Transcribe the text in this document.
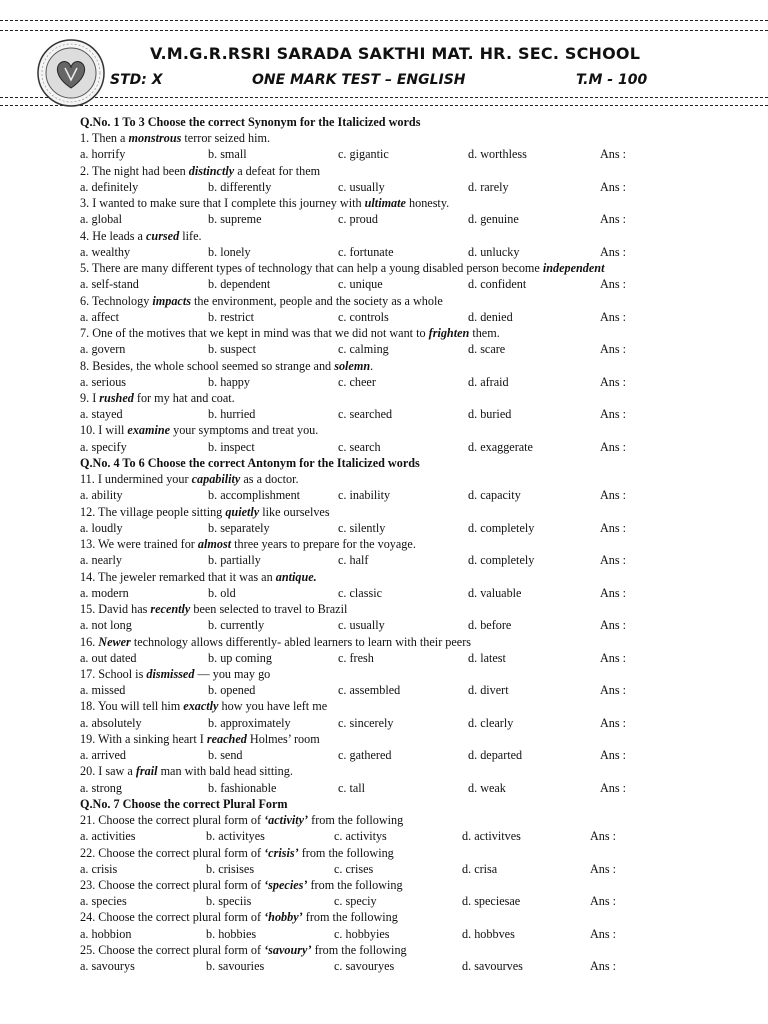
V.M.G.R.RSRI SARADA SAKTHI MAT. HR. SEC. SCHOOL
STD: X	ONE MARK TEST – ENGLISH	T.M - 100
Q.No. 1 To 3 Choose the correct Synonym for the Italicized words
1. Then a monstrous terror seized him.
a. horrify	b. small	c. gigantic	d. worthless	Ans :
2. The night had been distinctly a defeat for them
a. definitely	b. differently	c. usually	d. rarely	Ans :
3. I wanted to make sure that I complete this journey with ultimate honesty.
a. global	b. supreme	c. proud	d. genuine	Ans :
4. He leads a cursed life.
a. wealthy	b. lonely	c. fortunate	d. unlucky	Ans :
5. There are many different types of technology that can help a young disabled person become independent
a. self-stand	b. dependent	c. unique	d. confident	Ans :
6. Technology impacts the environment, people and the society as a whole
a. affect	b. restrict	c. controls	d. denied	Ans :
7. One of the motives that we kept in mind was that we did not want to frighten them.
a. govern	b. suspect	c. calming	d. scare	Ans :
8. Besides, the whole school seemed so strange and solemn.
a. serious	b. happy	c. cheer	d. afraid	Ans :
9. I rushed for my hat and coat.
a. stayed	b. hurried	c. searched	d. buried	Ans :
10. I will examine your symptoms and treat you.
a. specify	b. inspect	c. search	d. exaggerate	Ans :
Q.No. 4 To 6 Choose the correct Antonym for the Italicized words
11. I undermined your capability as a doctor.
a. ability	b. accomplishment	c. inability	d. capacity	Ans :
12. The village people sitting quietly like ourselves
a. loudly	b. separately	c. silently	d. completely	Ans :
13. We were trained for almost three years to prepare for the voyage.
a. nearly	b. partially	c. half	d. completely	Ans :
14. The jeweler remarked that it was an antique.
a. modern	b. old	c. classic	d. valuable	Ans :
15. David has recently been selected to travel to Brazil
a. not long	b. currently	c. usually	d. before	Ans :
16. Newer technology allows differently- abled learners to learn with their peers
a. out dated	b. up coming	c. fresh	d. latest	Ans :
17. School is dismissed — you may go
a. missed	b. opened	c. assembled	d. divert	Ans :
18. You will tell him exactly how you have left me
a. absolutely	b. approximately	c. sincerely	d. clearly	Ans :
19. With a sinking heart I reached Holmes’ room
a. arrived	b. send	c. gathered	d. departed	Ans :
20. I saw a frail man with bald head sitting.
a. strong	b. fashionable	c. tall	d. weak	Ans :
Q.No. 7 Choose the correct Plural Form
21. Choose the correct plural form of ‘activity’ from the following
a. activities	b. activityes	c. activitys	d. activitves	Ans :
22. Choose the correct plural form of ‘crisis’ from the following
a. crisis	b. crisises	c. crises	d. crisa	Ans :
23. Choose the correct plural form of ‘species’ from the following
a. species	b. speciis	c. speciy	d. speciesae	Ans :
24. Choose the correct plural form of ‘hobby’ from the following
a. hobbion	b. hobbies	c. hobbyies	d. hobbves	Ans :
25. Choose the correct plural form of ‘savoury’ from the following
a. savourys	b. savouries	c. savouryes	d. savourves	Ans :
